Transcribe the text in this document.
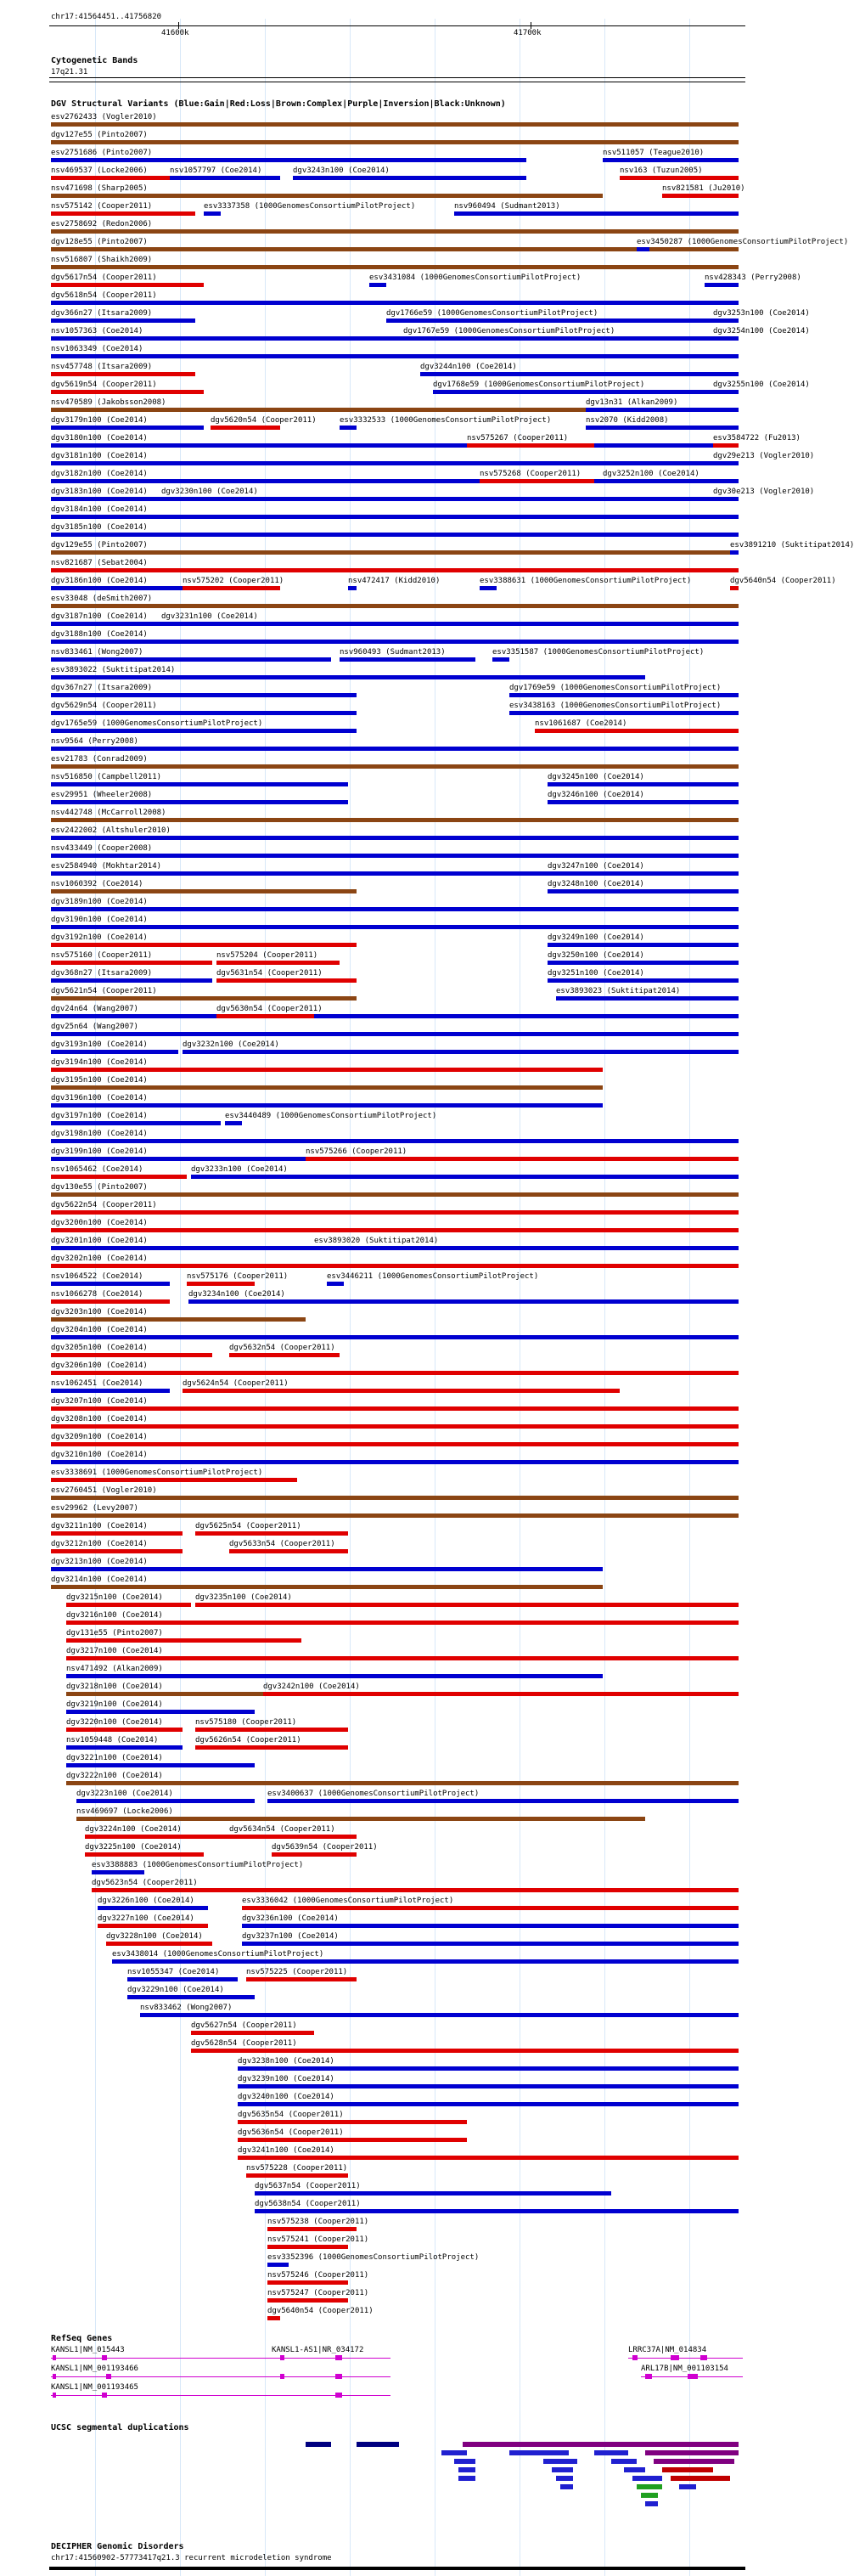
chr17:41564451..41756820
41600k	41700k
Cytogenetic Bands
17q21.31
DGV Structural Variants (Blue:Gain|Red:Loss|Brown:Complex|Purple|Inversion|Black:Unknown)
esv2762433 (Vogler2010)
dgv127e55 (Pinto2007)
esv2751686 (Pinto2007)	nsv511057 (Teague2010)
nsv469537 (Locke2006)	nsv1057797 (Coe2014)	dgv3243n100 (Coe2014)	nsv163 (Tuzun2005)
nsv471698 (Sharp2005)	nsv821581 (Ju2010)
nsv575142 (Cooper2011)	esv3337358 (1000GenomesConsortiumPilotProject)	nsv960494 (Sudmant2013)
esv2758692 (Redon2006)
dgv128e55 (Pinto2007)	esv3450287 (1000GenomesConsortiumPilotProject)
nsv516807 (Shaikh2009)
dgv5617n54 (Cooper2011)	esv3431084 (1000GenomesConsortiumPilotProject)	nsv428343 (Perry2008)
dgv5618n54 (Cooper2011)
dgv366n27 (Itsara2009)	dgv1766e59 (1000GenomesConsortiumPilotProject)	dgv3253n100 (Coe2014)
nsv1057363 (Coe2014)	dgv1767e59 (1000GenomesConsortiumPilotProject)	dgv3254n100 (Coe2014)
nsv1063349 (Coe2014)
nsv457748 (Itsara2009)	dgv3244n100 (Coe2014)
dgv5619n54 (Cooper2011)	dgv1768e59 (1000GenomesConsortiumPilotProject)	dgv3255n100 (Coe2014)
nsv470589 (Jakobsson2008)	dgv13n31 (Alkan2009)
dgv3179n100 (Coe2014)	dgv5620n54 (Cooper2011)	esv3332533 (1000GenomesConsortiumPilotProject)	nsv2070 (Kidd2008)
dgv3180n100 (Coe2014)	nsv575267 (Cooper2011)	esv3584722 (Fu2013)
dgv3181n100 (Coe2014)	dgv29e213 (Vogler2010)
dgv3182n100 (Coe2014)	nsv575268 (Cooper2011)	dgv3252n100 (Coe2014)
dgv3183n100 (Coe2014) dgv3230n100 (Coe2014)	dgv30e213 (Vogler2010)
dgv3184n100 (Coe2014)
dgv3185n100 (Coe2014)
dgv129e55 (Pinto2007)	esv3891210 (Suktitipat2014)
nsv821687 (Sebat2004)
dgv3186n100 (Coe2014)	nsv575202 (Cooper2011)	nsv472417 (Kidd2010)	esv3388631 (1000GenomesConsortiumPilotProject)	dgv5640n54 (Cooper2011)
esv33048 (deSmith2007)
dgv3187n100 (Coe2014) dgv3231n100 (Coe2014)
dgv3188n100 (Coe2014)
nsv833461 (Wong2007)	nsv960493 (Sudmant2013)	esv3351587 (1000GenomesConsortiumPilotProject)
esv3893022 (Suktitipat2014)
dgv367n27 (Itsara2009)	dgv1769e59 (1000GenomesConsortiumPilotProject)
dgv5629n54 (Cooper2011)	esv3438163 (1000GenomesConsortiumPilotProject)
dgv1765e59 (1000GenomesConsortiumPilotProject)	nsv1061687 (Coe2014)
nsv9564 (Perry2008)
esv21783 (Conrad2009)
nsv516850 (Campbell2011)	dgv3245n100 (Coe2014)
esv29951 (Wheeler2008)	dgv3246n100 (Coe2014)
nsv442748 (McCarroll2008)
esv2422002 (Altshuler2010)
nsv433449 (Cooper2008)
esv2584940 (Mokhtar2014)	dgv3247n100 (Coe2014)
nsv1060392 (Coe2014)	dgv3248n100 (Coe2014)
dgv3189n100 (Coe2014)
dgv3190n100 (Coe2014)
dgv3192n100 (Coe2014)	dgv3249n100 (Coe2014)
nsv575160 (Cooper2011)	nsv575204 (Cooper2011)	dgv3250n100 (Coe2014)
dgv368n27 (Itsara2009)	dgv5631n54 (Cooper2011)	dgv3251n100 (Coe2014)
dgv5621n54 (Cooper2011)	esv3893023 (Suktitipat2014)
dgv24n64 (Wang2007)	dgv5630n54 (Cooper2011)
dgv25n64 (Wang2007)
dgv3193n100 (Coe2014)	dgv3232n100 (Coe2014)
dgv3194n100 (Coe2014)
dgv3195n100 (Coe2014)
dgv3196n100 (Coe2014)
dgv3197n100 (Coe2014)	esv3440489 (1000GenomesConsortiumPilotProject)
dgv3198n100 (Coe2014)
dgv3199n100 (Coe2014)	nsv575266 (Cooper2011)
nsv1065462 (Coe2014)	dgv3233n100 (Coe2014)
dgv130e55 (Pinto2007)
dgv5622n54 (Cooper2011)
dgv3200n100 (Coe2014)
dgv3201n100 (Coe2014)	esv3893020 (Suktitipat2014)
dgv3202n100 (Coe2014)
nsv1064522 (Coe2014)	nsv575176 (Cooper2011)	esv3446211 (1000GenomesConsortiumPilotProject)
nsv1066278 (Coe2014)	dgv3234n100 (Coe2014)
dgv3203n100 (Coe2014)
dgv3204n100 (Coe2014)
dgv3205n100 (Coe2014)	dgv5632n54 (Cooper2011)
dgv3206n100 (Coe2014)
nsv1062451 (Coe2014)	dgv5624n54 (Cooper2011)
dgv3207n100 (Coe2014)
dgv3208n100 (Coe2014)
dgv3209n100 (Coe2014)
dgv3210n100 (Coe2014)
esv3338691 (1000GenomesConsortiumPilotProject)
esv2760451 (Vogler2010)
esv29962 (Levy2007)
dgv3211n100 (Coe2014)	dgv5625n54 (Cooper2011)
dgv3212n100 (Coe2014)	dgv5633n54 (Cooper2011)
dgv3213n100 (Coe2014)
dgv3214n100 (Coe2014)
dgv3215n100 (Coe2014)	dgv3235n100 (Coe2014)
dgv3216n100 (Coe2014)
dgv131e55 (Pinto2007)
dgv3217n100 (Coe2014)
nsv471492 (Alkan2009)
dgv3218n100 (Coe2014)	dgv3242n100 (Coe2014)
dgv3219n100 (Coe2014)
dgv3220n100 (Coe2014)	nsv575180 (Cooper2011)
nsv1059448 (Coe2014)	dgv5626n54 (Cooper2011)
dgv3221n100 (Coe2014)
dgv3222n100 (Coe2014)
dgv3223n100 (Coe2014)	esv3400637 (1000GenomesConsortiumPilotProject)
nsv469697 (Locke2006)
dgv3224n100 (Coe2014)	dgv5634n54 (Cooper2011)
dgv3225n100 (Coe2014)	dgv5639n54 (Cooper2011)
esv3388883 (1000GenomesConsortiumPilotProject)
dgv5623n54 (Cooper2011)
dgv3226n100 (Coe2014)	esv3336042 (1000GenomesConsortiumPilotProject)
dgv3227n100 (Coe2014)	dgv3236n100 (Coe2014)
dgv3228n100 (Coe2014)	dgv3237n100 (Coe2014)
esv3438014 (1000GenomesConsortiumPilotProject)
nsv1055347 (Coe2014)	nsv575225 (Cooper2011)
dgv3229n100 (Coe2014)
nsv833462 (Wong2007)
dgv5627n54 (Cooper2011)
dgv5628n54 (Cooper2011)
dgv3238n100 (Coe2014)
dgv3239n100 (Coe2014)
dgv3240n100 (Coe2014)
dgv5635n54 (Cooper2011)
dgv5636n54 (Cooper2011)
dgv3241n100 (Coe2014)
nsv575228 (Cooper2011)
dgv5637n54 (Cooper2011)
dgv5638n54 (Cooper2011)
nsv575238 (Cooper2011)
nsv575241 (Cooper2011)
esv3352396 (1000GenomesConsortiumPilotProject)
nsv575246 (Cooper2011)
nsv575247 (Cooper2011)
dgv5640n54 (Cooper2011)
RefSeq Genes
KANSL1|NM_015443	KANSL1-AS1|NR_034172	LRRC37A|NM_014834
KANSL1|NM_001193466	ARL17B|NM_001103154
KANSL1|NM_001193465
UCSC segmental duplications
DECIPHER Genomic Disorders
chr17:41560902-57773417q21.3 recurrent microdeletion syndrome
